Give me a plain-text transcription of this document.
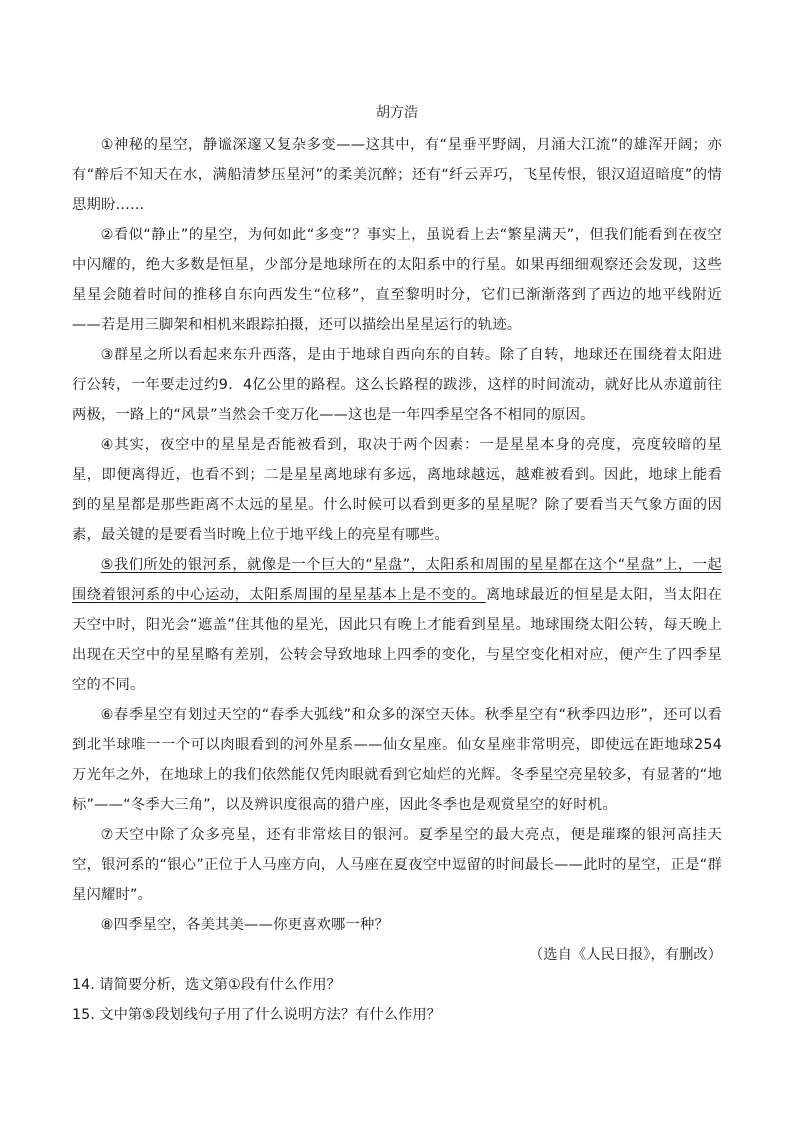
胡方浩

①神秘的星空，静谧深邃又复杂多变——这其中，有“星垂平野阔，月涌大江流”的雄浑开阔；亦有“醉后不知天在水，满船清梦压星河”的柔美沉醉；还有“纤云弄巧，飞星传恨，银汉迢迢暗度”的情思期盼……

②看似“静止”的星空，为何如此“多变”？事实上，虽说看上去“繁星满天”，但我们能看到在夜空中闪耀的，绝大多数是恒星，少部分是地球所在的太阳系中的行星。如果再细细观察还会发现，这些星星会随着时间的推移自东向西发生“位移”，直至黎明时分，它们已渐渐落到了西边的地平线附近——若是用三脚架和相机来跟踪拍摄，还可以描绘出星星运行的轨迹。

③群星之所以看起来东升西落，是由于地球自西向东的自转。除了自转，地球还在围绕着太阳进行公转，一年要走过约9．4亿公里的路程。这么长路程的跋涉，这样的时间流动，就好比从赤道前往两极，一路上的“风景”当然会千变万化——这也是一年四季星空各不相同的原因。

④其实，夜空中的星星是否能被看到，取决于两个因素：一是星星本身的亮度，亮度较暗的星星，即便离得近，也看不到；二是星星离地球有多远，离地球越远，越难被看到。因此，地球上能看到的星星都是那些距离不太远的星星。什么时候可以看到更多的星星呢？除了要看当天气象方面的因素，最关键的是要看当时晚上位于地平线上的亮星有哪些。

⑤我们所处的银河系，就像是一个巨大的“星盘”，太阳系和周围的星星都在这个“星盘”上，一起围绕着银河系的中心运动，太阳系周围的星星基本上是不变的。离地球最近的恒星是太阳，当太阳在天空中时，阳光会“遮盖”住其他的星光，因此只有晚上才能看到星星。地球围绕太阳公转，每天晚上出现在天空中的星星略有差别，公转会导致地球上四季的变化，与星空变化相对应，便产生了四季星空的不同。

⑥春季星空有划过天空的“春季大弧线”和众多的深空天体。秋季星空有“秋季四边形”，还可以看到北半球唯一一个可以肉眼看到的河外星系——仙女星座。仙女星座非常明亮，即使远在距地球254万光年之外，在地球上的我们依然能仅凭肉眼就看到它灿烂的光辉。冬季星空亮星较多，有显著的“地标”——“冬季大三角”，以及辨识度很高的猎户座，因此冬季也是观赏星空的好时机。

⑦天空中除了众多亮星，还有非常炫目的银河。夏季星空的最大亮点，便是璀璨的银河高挂天空，银河系的“银心”正位于人马座方向，人马座在夏夜空中逗留的时间最长——此时的星空，正是“群星闪耀时”。

⑧四季星空，各美其美——你更喜欢哪一种？

（选自《人民日报》，有删改）

14. 请简要分析，选文第①段有什么作用？

15. 文中第⑤段划线句子用了什么说明方法？有什么作用？
